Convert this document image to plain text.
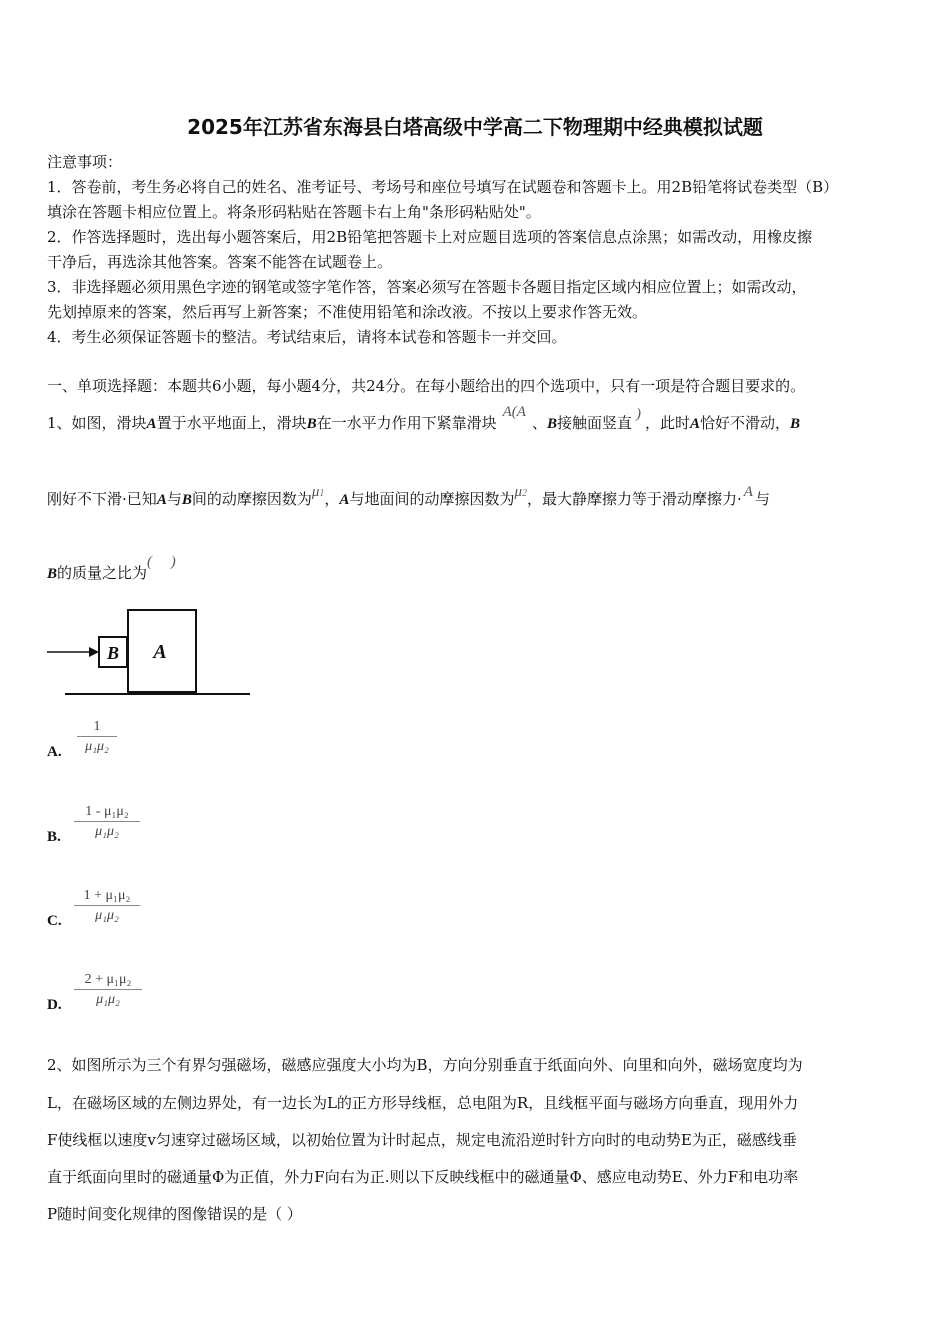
2025年江苏省东海县白塔高级中学高二下物理期中经典模拟试题
注意事项：
1．答卷前，考生务必将自己的姓名、准考证号、考场号和座位号填写在试题卷和答题卡上。用2B铅笔将试卷类型（B）
填涂在答题卡相应位置上。将条形码粘贴在答题卡右上角"条形码粘贴处"。
2．作答选择题时，选出每小题答案后，用2B铅笔把答题卡上对应题目选项的答案信息点涂黑；如需改动，用橡皮擦
干净后，再选涂其他答案。答案不能答在试题卷上。
3．非选择题必须用黑色字迹的钢笔或签字笔作答，答案必须写在答题卡各题目指定区域内相应位置上；如需改动，
先划掉原来的答案，然后再写上新答案；不准使用铅笔和涂改液。不按以上要求作答无效。
4．考生必须保证答题卡的整洁。考试结束后，请将本试卷和答题卡一并交回。
一、单项选择题：本题共6小题，每小题4分，共24分。在每小题给出的四个选项中，只有一项是符合题目要求的。
1、如图，滑块A置于水平地面上，滑块B在一水平力作用下紧靠滑块A(A、B接触面竖直 ) ，此时A恰好不滑动，B
刚好不下滑·已知A与B间的动摩擦因数为μ1，A与地面间的动摩擦因数为μ2，最大静摩擦力等于滑动摩擦力· A 与
B的质量之比为(     )
B A
A. $\frac{1}{\text{μ₁μ₂}}$
B. $\frac{\text{1 - μ₁μ₂}}{\text{μ₁μ₂}}$
C. $\frac{\text{1 + μ₁μ₂}}{\text{μ₁μ₂}}$
D. $\frac{\text{2 + μ₁μ₂}}{\text{μ₁μ₂}}$
2、如图所示为三个有界匀强磁场，磁感应强度大小均为B，方向分别垂直于纸面向外、向里和向外，磁场宽度均为
L，在磁场区域的左侧边界处，有一边长为L的正方形导线框，总电阻为R，且线框平面与磁场方向垂直，现用外力
F使线框以速度v匀速穿过磁场区域，以初始位置为计时起点，规定电流沿逆时针方向时的电动势E为正，磁感线垂
直于纸面向里时的磁通量Φ为正值，外力F向右为正.则以下反映线框中的磁通量Φ、感应电动势E、外力F和电功率
P随时间变化规律的图像错误的是（ ）
